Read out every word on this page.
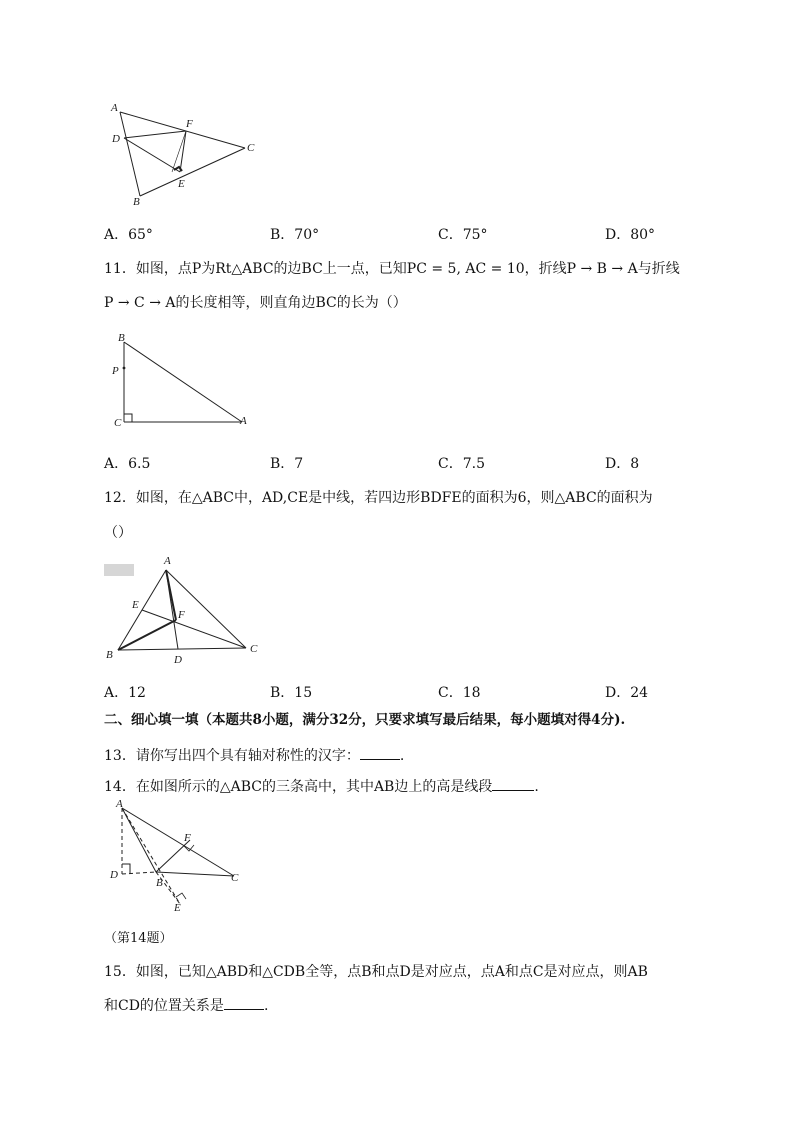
A
D
F
C
E
B
A．65°	B．70°	C．75°	D．80°
11．如图，点P为Rt△ABC的边BC上一点，已知PC = 5, AC = 10，折线P → B → A与折线
P → C → A的长度相等，则直角边BC的长为（）
B
P
C	A
A．6.5	B．7	C．7.5	D．8
12．如图，在△ABC中，AD,CE是中线，若四边形BDFE的面积为6，则△ABC的面积为
（）
A
E
F
B	D
C
A．12	B．15	C．18	D．24
二、细心填一填（本题共8小题，满分32分，只要求填写最后结果，每小题填对得4分).
13．请你写出四个具有轴对称性的汉字：	.
14．在如图所示的△ABC的三条高中，其中AB边上的高是线段	.
A
F
D
B	C
E
（第14题）
15．如图，已知△ABD和△CDB全等，点B和点D是对应点，点A和点C是对应点，则AB
和CD的位置关系是	.
